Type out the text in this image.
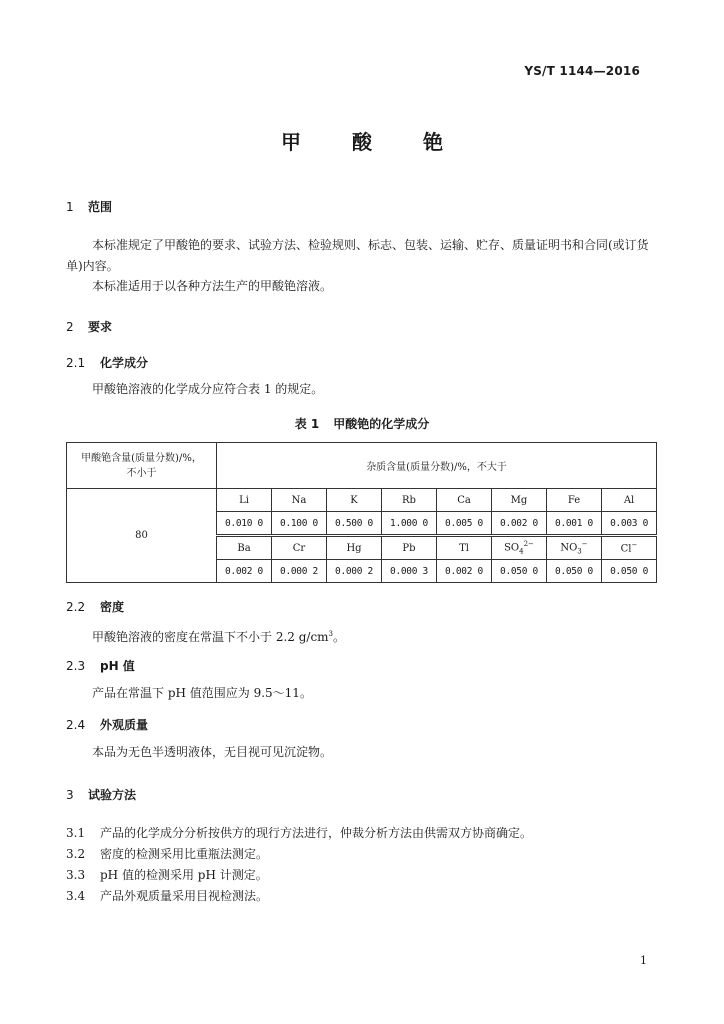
YS/T 1144—2016
甲 酸 铯
1 范围
本标准规定了甲酸铯的要求、试验方法、检验规则、标志、包装、运输、贮存、质量证明书和合同(或订货单)内容。
本标准适用于以各种方法生产的甲酸铯溶液。
2 要求
2.1 化学成分
甲酸铯溶液的化学成分应符合表 1 的规定。
表 1 甲酸铯的化学成分
甲酸铯含量(质量分数)/%，
不小于	杂质含量(质量分数)/%，不大于							
80	Li	Na	K	Rb	Ca	Mg	Fe	Al
	0.010 0	0.100 0	0.500 0	1.000 0	0.005 0	0.002 0	0.001 0	0.003 0
	Ba	Cr	Hg	Pb	Tl	$SO_4^{2-}$	$NO_3^-$	Cl−
	0.002 0	0.000 2	0.000 2	0.000 3	0.002 0	0.050 0	0.050 0	0.050 0
2.2 密度
甲酸铯溶液的密度在常温下不小于 2.2 $g/cm^3$。
2.3 pH 值
产品在常温下 pH 值范围应为 9.5～11。
2.4 外观质量
本品为无色半透明液体，无目视可见沉淀物。
3 试验方法
3.1 产品的化学成分分析按供方的现行方法进行，仲裁分析方法由供需双方协商确定。
3.2 密度的检测采用比重瓶法测定。
3.3 pH 值的检测采用 pH 计测定。
3.4 产品外观质量采用目视检测法。
1
